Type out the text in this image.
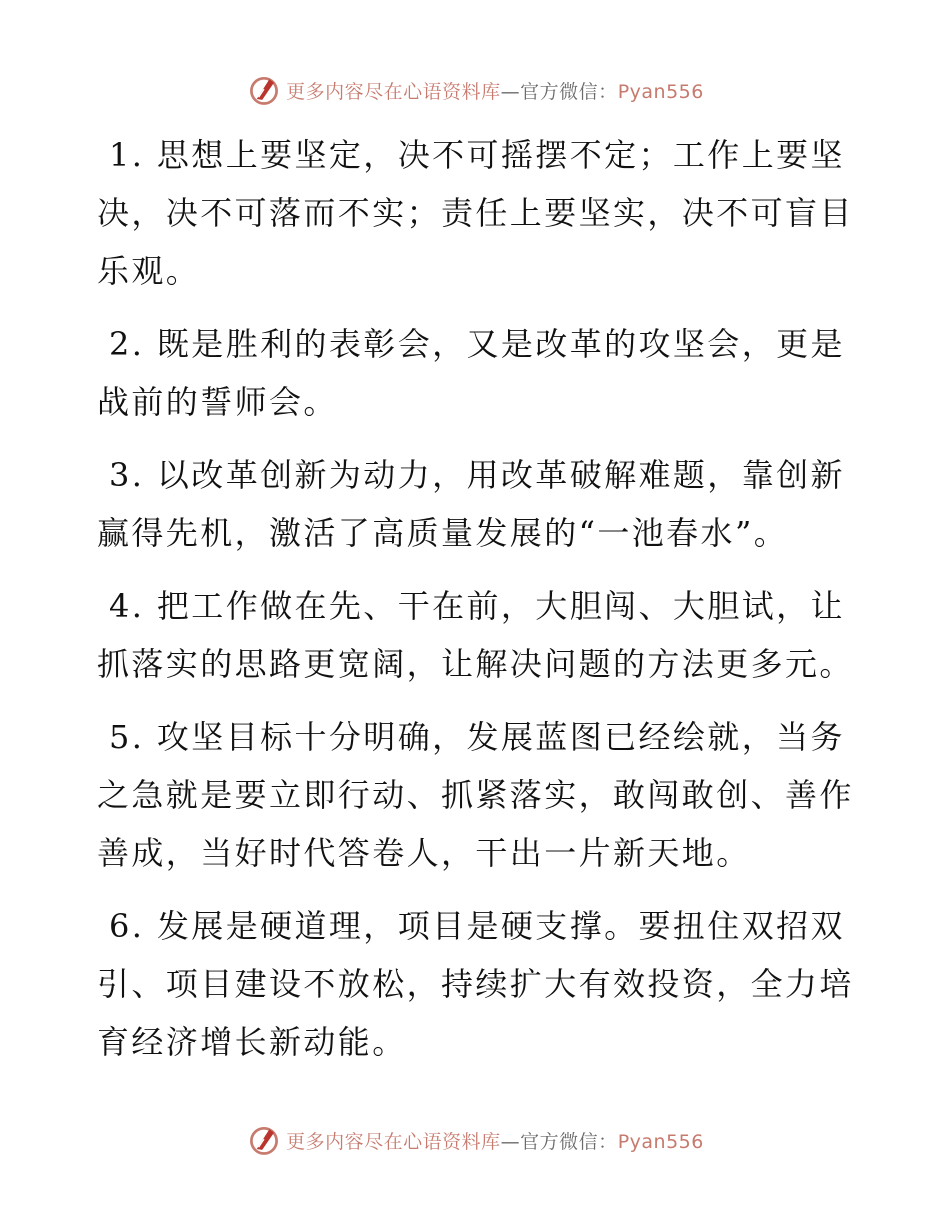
更多内容尽在心语资料库—官方微信：Pyan556

1. 思想上要坚定，决不可摇摆不定；工作上要坚决，决不可落而不实；责任上要坚实，决不可盲目乐观。

2. 既是胜利的表彰会，又是改革的攻坚会，更是战前的誓师会。

3. 以改革创新为动力，用改革破解难题，靠创新赢得先机，激活了高质量发展的“一池春水”。

4. 把工作做在先、干在前，大胆闯、大胆试，让抓落实的思路更宽阔，让解决问题的方法更多元。

5. 攻坚目标十分明确，发展蓝图已经绘就，当务之急就是要立即行动、抓紧落实，敢闯敢创、善作善成，当好时代答卷人，干出一片新天地。

6. 发展是硬道理，项目是硬支撑。要扭住双招双引、项目建设不放松，持续扩大有效投资，全力培育经济增长新动能。

更多内容尽在心语资料库—官方微信：Pyan556
